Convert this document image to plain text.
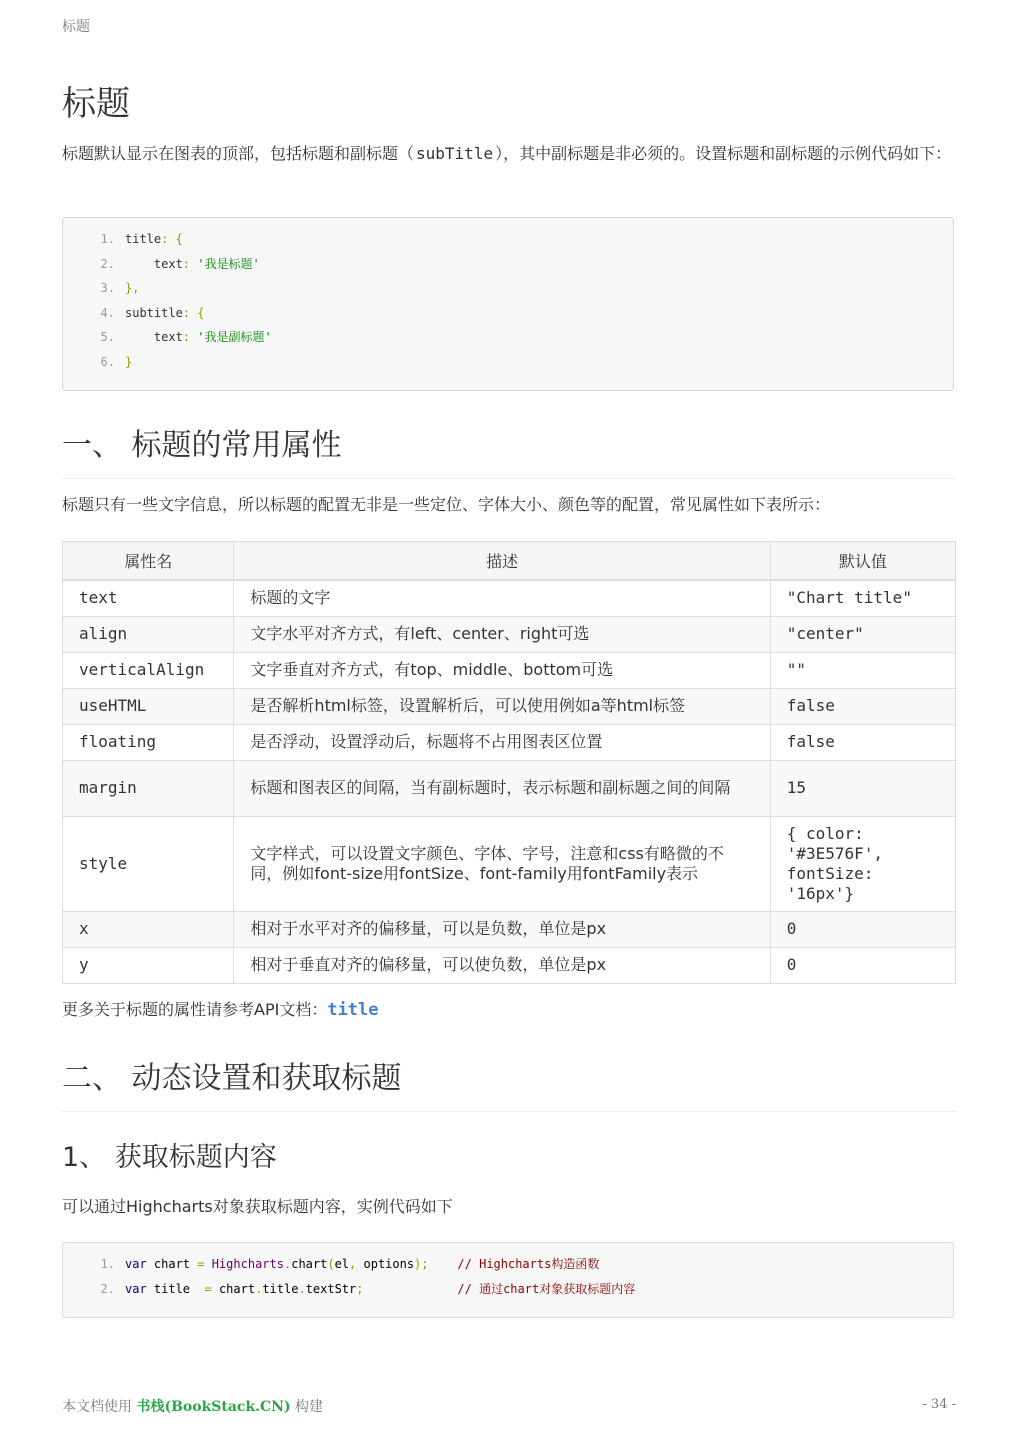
标题
标题

标题默认显示在图表的顶部，包括标题和副标题（ subTitle ），其中副标题是非必须的。设置标题和副标题的示例代码如下：

1. title: {
2. text: '我是标题'
3. },
4. subtitle: {
5. text: '我是副标题'
6. }
一、 标题的常用属性

标题只有一些文字信息，所以标题的配置无非是一些定位、字体大小、颜色等的配置，常见属性如下表所示：

属性名	描述	默认值
text	标题的文字	"Chart title"
align	文字水平对齐方式，有left、center、right可选	"center"
verticalAlign	文字垂直对齐方式，有top、middle、bottom可选	""
useHTML	是否解析html标签，设置解析后，可以使用例如a等html标签	false
floating	是否浮动，设置浮动后，标题将不占用图表区位置	false
margin	标题和图表区的间隔，当有副标题时，表示标题和副标题之间的间隔	15
style	文字样式，可以设置文字颜色、字体、字号，注意和css有略微的不同，例如font-size用fontSize、font-family用fontFamily表示	{ color: '#3E576F', fontSize: '16px'}
x	相对于水平对齐的偏移量，可以是负数，单位是px	0
y	相对于垂直对齐的偏移量，可以使负数，单位是px	0

更多关于标题的属性请参考API文档：title

二、 动态设置和获取标题
1、 获取标题内容

可以通过Highcharts对象获取标题内容，实例代码如下

1. var chart = Highcharts.chart(el, options);    // Highcharts构造函数
2. var title  = chart.title.textStr;             // 通过chart对象获取标题内容
本文档使用 书栈(BookStack.CN) 构建	- 34 -
